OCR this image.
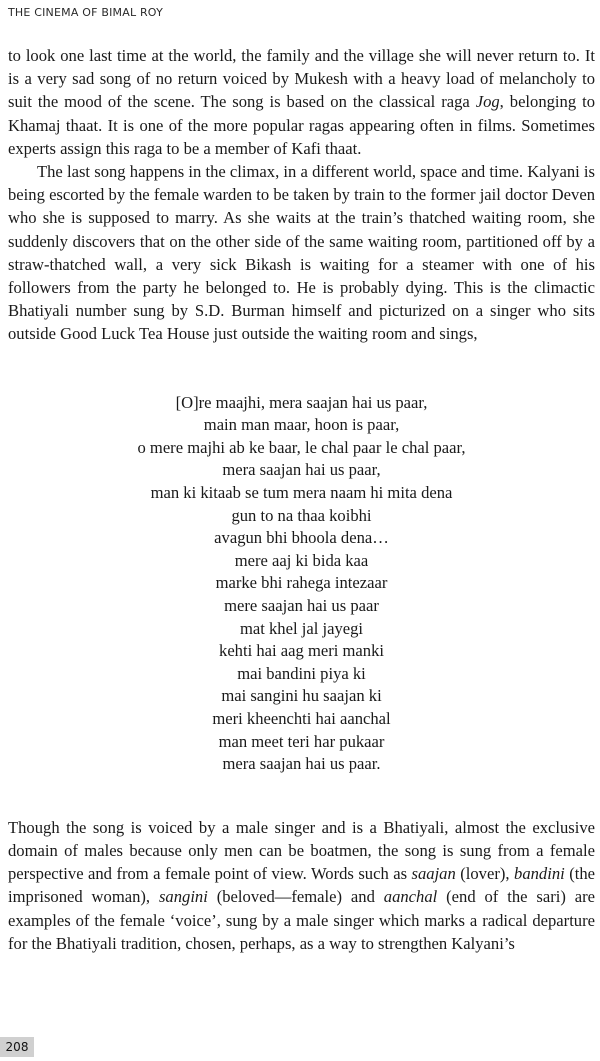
THE CINEMA OF BIMAL ROY

to look one last time at the world, the family and the village she will never return to. It is a very sad song of no return voiced by Mukesh with a heavy load of melancholy to suit the mood of the scene. The song is based on the classical raga Jog, belonging to Khamaj thaat. It is one of the more popular ragas appearing often in films. Sometimes experts assign this raga to be a member of Kafi thaat.

The last song happens in the climax, in a different world, space and time. Kalyani is being escorted by the female warden to be taken by train to the former jail doctor Deven who she is supposed to marry. As she waits at the train’s thatched waiting room, she suddenly discovers that on the other side of the same waiting room, partitioned off by a straw-thatched wall, a very sick Bikash is waiting for a steamer with one of his followers from the party he belonged to. He is probably dying. This is the climactic Bhatiyali number sung by S.D. Burman himself and picturized on a singer who sits outside Good Luck Tea House just outside the waiting room and sings,

[O]re maajhi, mera saajan hai us paar,
main man maar, hoon is paar,
o mere majhi ab ke baar, le chal paar le chal paar,
mera saajan hai us paar,
man ki kitaab se tum mera naam hi mita dena
gun to na thaa koibhi
avagun bhi bhoola dena…
mere aaj ki bida kaa
marke bhi rahega intezaar
mere saajan hai us paar
mat khel jal jayegi
kehti hai aag meri manki
mai bandini piya ki
mai sangini hu saajan ki
meri kheenchti hai aanchal
man meet teri har pukaar
mera saajan hai us paar.

Though the song is voiced by a male singer and is a Bhatiyali, almost the exclusive domain of males because only men can be boatmen, the song is sung from a female perspective and from a female point of view. Words such as saajan (lover), bandini (the imprisoned woman), sangini (beloved—female) and aanchal (end of the sari) are examples of the female ‘voice’, sung by a male singer which marks a radical departure for the Bhatiyali tradition, chosen, perhaps, as a way to strengthen Kalyani’s

208
